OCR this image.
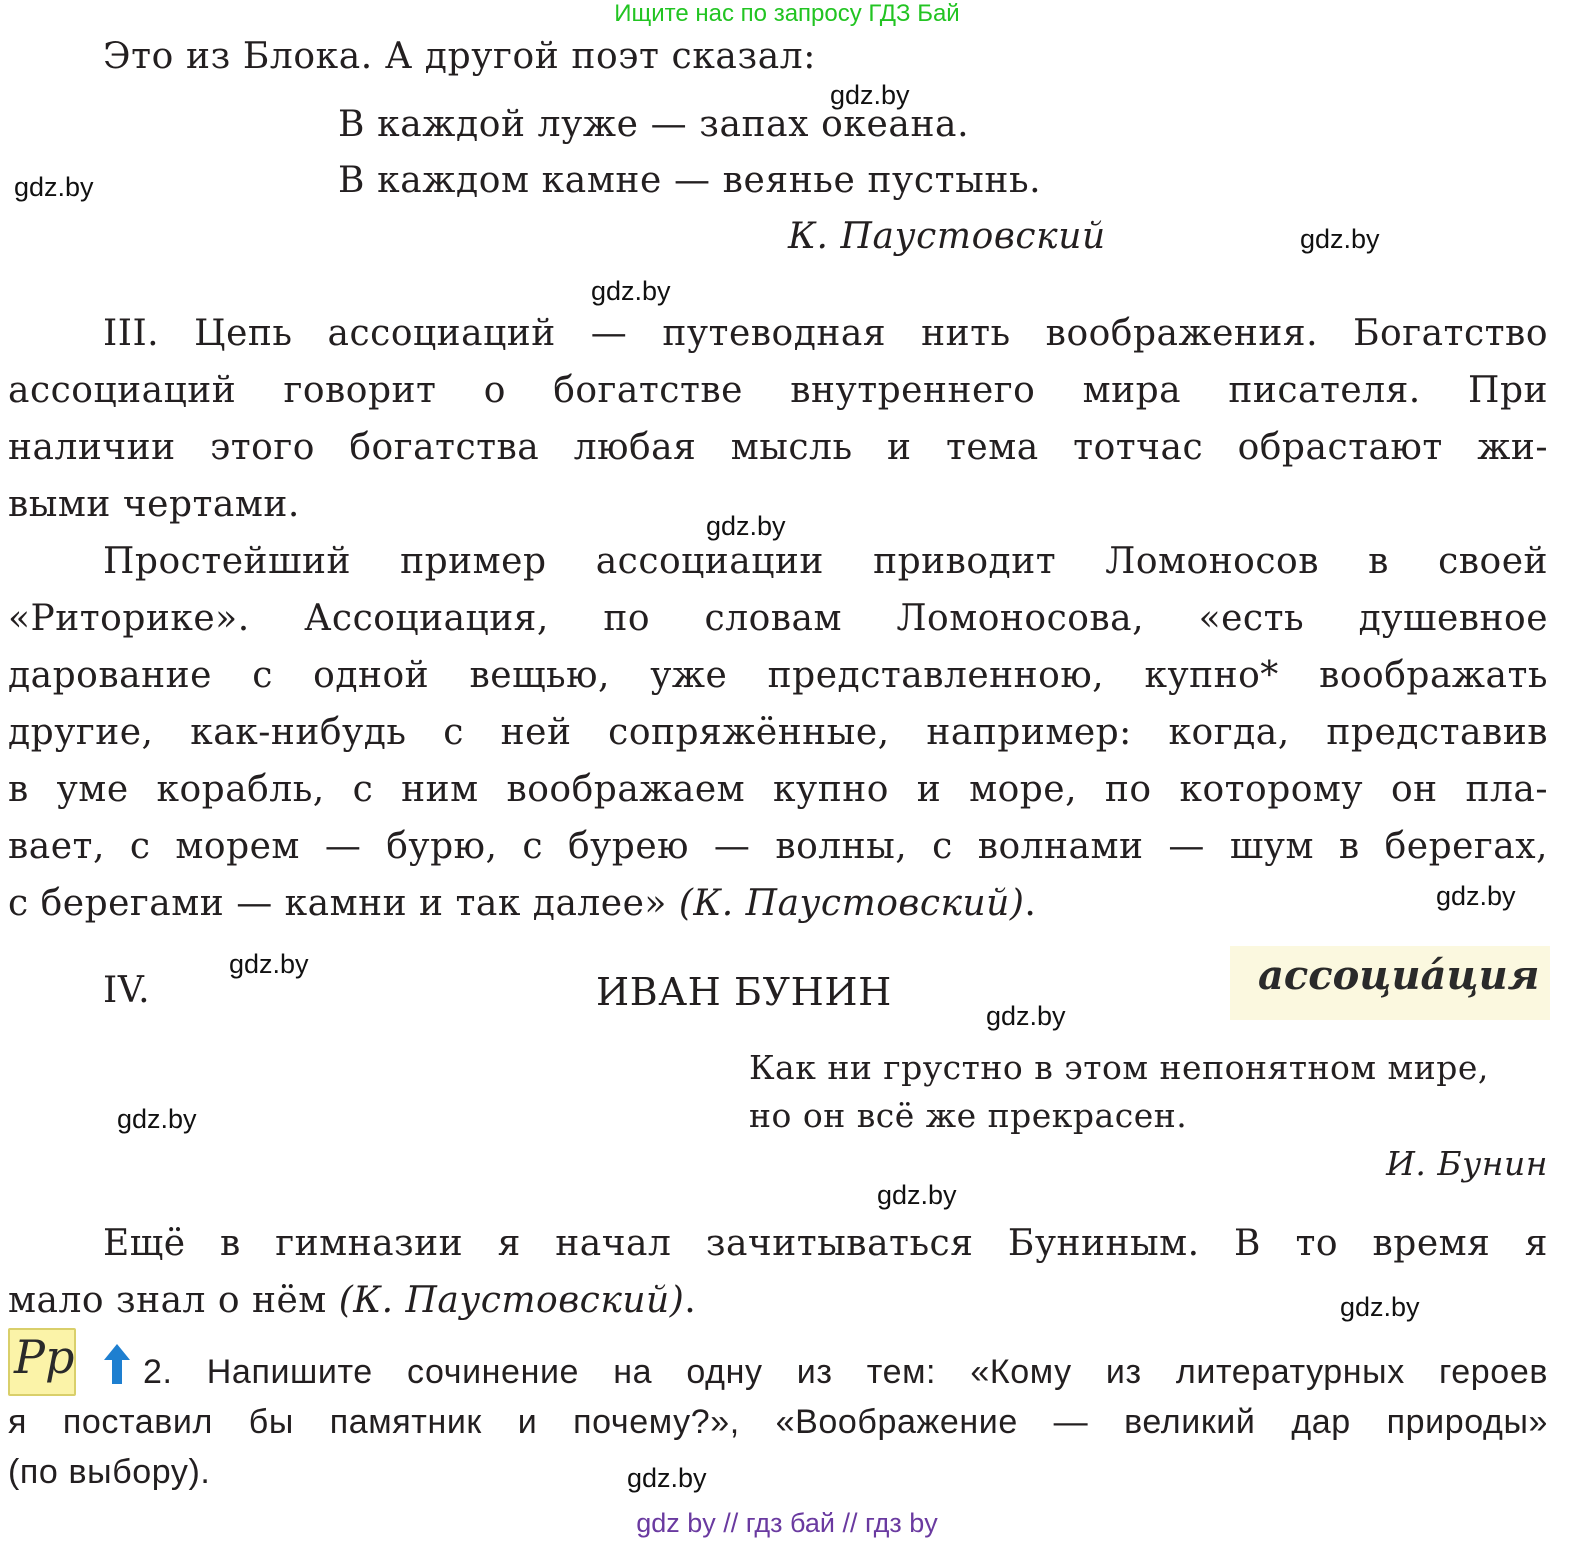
Ищите нас по запросу ГДЗ Бай
Это из Блока. А другой поэт сказал:
В каждой луже — запах океана.
В каждом камне — веянье пустынь.
К. Паустовский
III. Цепь ассоциаций — путеводная нить воображения. Богатство
ассоциаций говорит о богатстве внутреннего мира писателя. При
наличии этого богатства любая мысль и тема тотчас обрастают жи-
выми чертами.
Простейший пример ассоциации приводит Ломоносов в своей
«Риторике». Ассоциация, по словам Ломоносова, «есть душевное
дарование с одной вещью, уже представленною, купно* воображать
другие, как-нибудь с ней сопряжённые, например: когда, представив
в уме корабль, с ним воображаем купно и море, по которому он пла-
вает, с морем — бурю, с бурею — волны, с волнами — шум в берегах,
с берегами — камни и так далее» (К. Паустовский).
IV.	ИВАН БУНИН	ассоциáция
Как ни грустно в этом непонятном мире,
но он всё же прекрасен.
И. Бунин
Ещё в гимназии я начал зачитываться Буниным. В то время я
мало знал о нём (К. Паустовский).
Pp	2. Напишите сочинение на одну из тем: «Кому из литературных героев
я поставил бы памятник и почему?», «Воображение — великий дар природы»
(по выбору).
gdz.by
gdz.by
gdz.by
gdz.by
gdz.by
gdz.by
gdz.by
gdz.by
gdz.by
gdz.by
gdz.by
gdz.by
gdz by // гдз бай // гдз by
